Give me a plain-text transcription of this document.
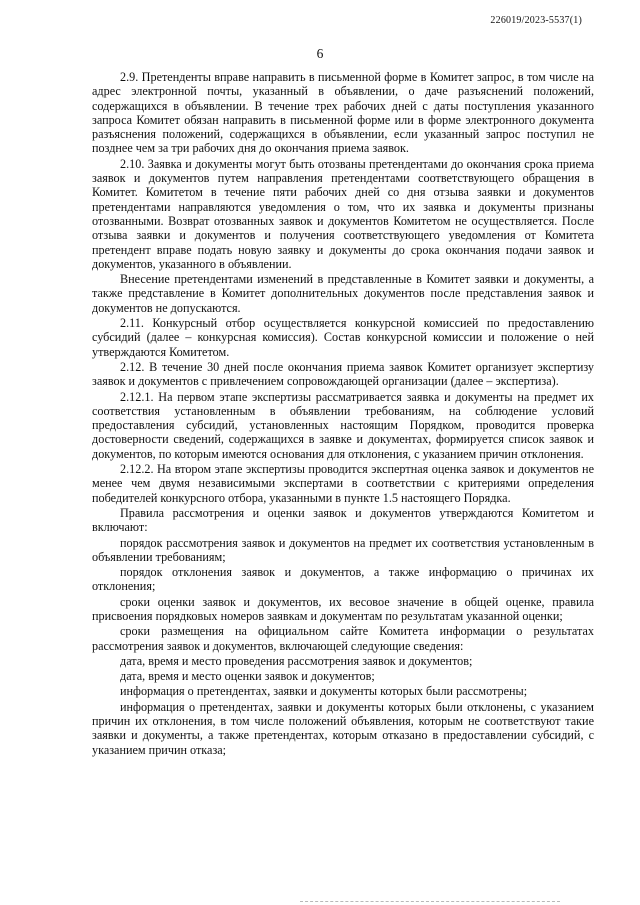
226019/2023-5537(1)
6

2.9. Претенденты вправе направить в письменной форме в Комитет запрос, в том числе на адрес электронной почты, указанный в объявлении, о даче разъяснений положений, содержащихся в объявлении. В течение трех рабочих дней с даты поступления указанного запроса Комитет обязан направить в письменной форме или в форме электронного документа разъяснения положений, содержащихся в объявлении, если указанный запрос поступил не позднее чем за три рабочих дня до окончания приема заявок.

2.10. Заявка и документы могут быть отозваны претендентами до окончания срока приема заявок и документов путем направления претендентами соответствующего обращения в Комитет. Комитетом в течение пяти рабочих дней со дня отзыва заявки и документов претендентами направляются уведомления о том, что их заявка и документы признаны отозванными. Возврат отозванных заявок и документов Комитетом не осуществляется. После отзыва заявки и документов и получения соответствующего уведомления от Комитета претендент вправе подать новую заявку и документы до срока окончания подачи заявок и документов, указанного в объявлении.

Внесение претендентами изменений в представленные в Комитет заявки и документы, а также представление в Комитет дополнительных документов после представления заявок и документов не допускаются.

2.11. Конкурсный отбор осуществляется конкурсной комиссией по предоставлению субсидий (далее – конкурсная комиссия). Состав конкурсной комиссии и положение о ней утверждаются Комитетом.

2.12. В течение 30 дней после окончания приема заявок Комитет организует экспертизу заявок и документов с привлечением сопровождающей организации (далее – экспертиза).

2.12.1. На первом этапе экспертизы рассматривается заявка и документы на предмет их соответствия установленным в объявлении требованиям, на соблюдение условий предоставления субсидий, установленных настоящим Порядком, проводится проверка достоверности сведений, содержащихся в заявке и документах, формируется список заявок и документов, по которым имеются основания для отклонения, с указанием причин отклонения.

2.12.2. На втором этапе экспертизы проводится экспертная оценка заявок и документов не менее чем двумя независимыми экспертами в соответствии с критериями определения победителей конкурсного отбора, указанными в пункте 1.5 настоящего Порядка.

Правила рассмотрения и оценки заявок и документов утверждаются Комитетом и включают:

порядок рассмотрения заявок и документов на предмет их соответствия установленным в объявлении требованиям;

порядок отклонения заявок и документов, а также информацию о причинах их отклонения;

сроки оценки заявок и документов, их весовое значение в общей оценке, правила присвоения порядковых номеров заявкам и документам по результатам указанной оценки;

сроки размещения на официальном сайте Комитета информации о результатах рассмотрения заявок и документов, включающей следующие сведения:

дата, время и место проведения рассмотрения заявок и документов;

дата, время и место оценки заявок и документов;

информация о претендентах, заявки и документы которых были рассмотрены;

информация о претендентах, заявки и документы которых были отклонены, с указанием причин их отклонения, в том числе положений объявления, которым не соответствуют такие заявки и документы, а также претендентах, которым отказано в предоставлении субсидий, с указанием причин отказа;
